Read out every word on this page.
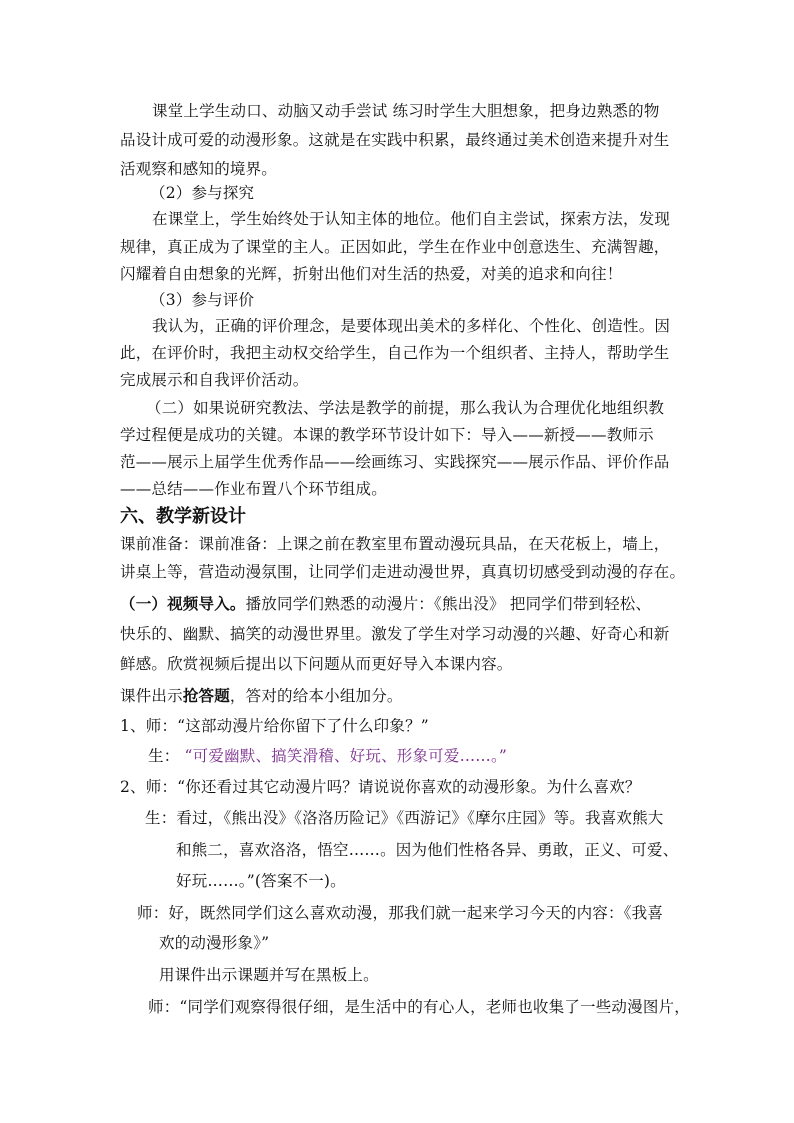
课堂上学生动口、动脑又动手尝试 练习时学生大胆想象，把身边熟悉的物

品设计成可爱的动漫形象。这就是在实践中积累，最终通过美术创造来提升对生

活观察和感知的境界。

（2）参与探究

在课堂上，学生始终处于认知主体的地位。他们自主尝试，探索方法，发现

规律，真正成为了课堂的主人。正因如此，学生在作业中创意迭生、充满智趣，

闪耀着自由想象的光辉，折射出他们对生活的热爱，对美的追求和向往！

（3）参与评价

我认为，正确的评价理念，是要体现出美术的多样化、个性化、创造性。因

此，在评价时，我把主动权交给学生，自己作为一个组织者、主持人，帮助学生

完成展示和自我评价活动。

（二）如果说研究教法、学法是教学的前提，那么我认为合理优化地组织教

学过程便是成功的关键。本课的教学环节设计如下：导入——新授——教师示

范——展示上届学生优秀作品——绘画练习、实践探究——展示作品、评价作品

——总结——作业布置八个环节组成。

六、教学新设计

课前准备：课前准备：上课之前在教室里布置动漫玩具品，在天花板上，墙上，

讲桌上等，营造动漫氛围，让同学们走进动漫世界，真真切切感受到动漫的存在。

（一）视频导入。播放同学们熟悉的动漫片：《熊出没》 把同学们带到轻松、

快乐的、幽默、搞笑的动漫世界里。激发了学生对学习动漫的兴趣、好奇心和新

鲜感。欣赏视频后提出以下问题从而更好导入本课内容。

课件出示抢答题，答对的给本小组加分。

1、师：“这部动漫片给你留下了什么印象？”

生： “可爱幽默、搞笑滑稽、好玩、形象可爱……。”

2、师：“你还看过其它动漫片吗？请说说你喜欢的动漫形象。为什么喜欢？

生：看过，《熊出没》《洛洛历险记》《西游记》《摩尔庄园》等。我喜欢熊大

和熊二，喜欢洛洛，悟空……。因为他们性格各异、勇敢，正义、可爱、

好玩……。”(答案不一)。

师：好，既然同学们这么喜欢动漫，那我们就一起来学习今天的内容：《我喜

欢的动漫形象》”

用课件出示课题并写在黑板上。

师：“同学们观察得很仔细，是生活中的有心人，老师也收集了一些动漫图片，
